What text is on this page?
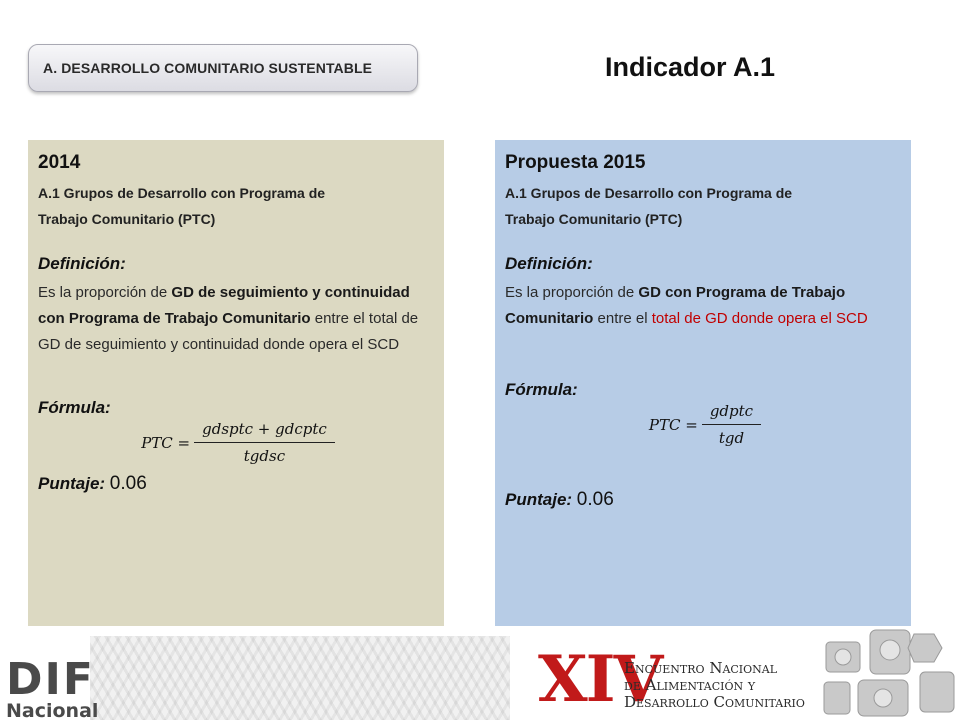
A. DESARROLLO COMUNITARIO SUSTENTABLE	Indicador A.1
2014
A.1 Grupos de Desarrollo con Programa de
Trabajo Comunitario (PTC)
Definición:
Es la proporción de GD de seguimiento y continuidad con Programa de Trabajo Comunitario entre el total de GD de seguimiento y continuidad donde opera el SCD
Fórmula:
PTC = $\frac{\text{gdsptc + gdcptc}}{\text{tgdsc}}$
Puntaje: 0.06
Propuesta 2015
A.1 Grupos de Desarrollo con Programa de
Trabajo Comunitario (PTC)
Definición:
Es la proporción de GD con Programa de Trabajo Comunitario entre el total de GD donde opera el SCD
Fórmula:
PTC = $\frac{\text{gdptc}}{\text{tgd}}$
Puntaje: 0.06
DIF
Nacional	XIV
Encuentro Nacional
de Alimentación y
Desarrollo Comunitario
